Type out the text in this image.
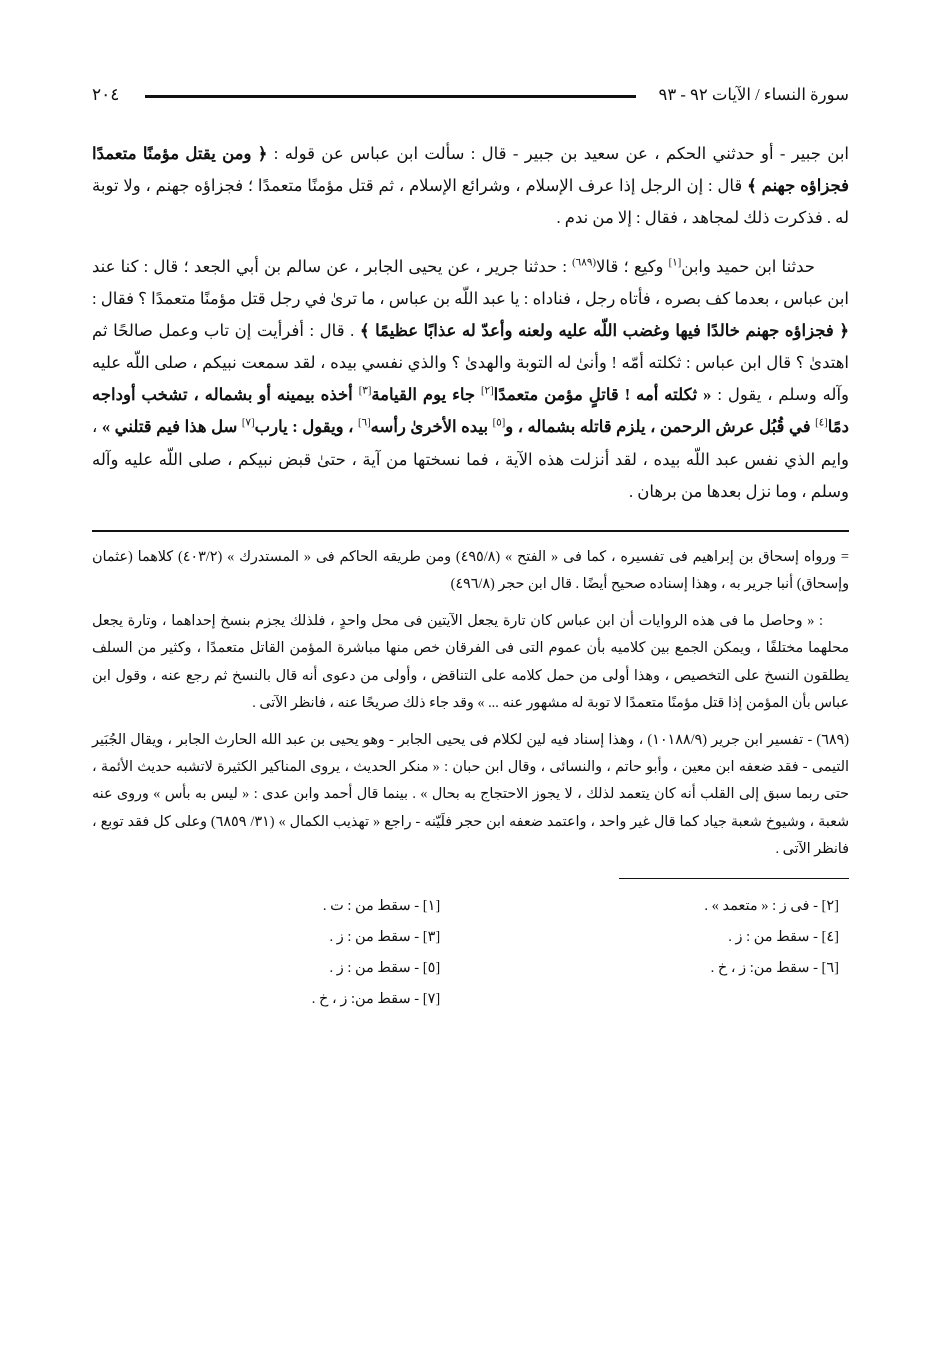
سورة النساء / الآيات ٩٢ - ٩٣
٢٠٤

ابن جبير - أو حدثني الحكم ، عن سعيد بن جبير - قال : سألت ابن عباس عن قوله : ﴿ ومن يقتل مؤمنًا متعمدًا فجزاؤه جهنم ﴾ قال : إن الرجل إذا عرف الإسلام ، وشرائع الإسلام ، ثم قتل مؤمنًا متعمدًا ؛ فجزاؤه جهنم ، ولا توبة له . فذكرت ذلك لمجاهد ، فقال : إلا من ندم .

حدثنا ابن حميد وابن[١] وكيع ؛ قالا$^{(٦٨٩)}$ : حدثنا جرير ، عن يحيى الجابر ، عن سالم بن أبي الجعد ؛ قال : كنا عند ابن عباس ، بعدما كف بصره ، فأتاه رجل ، فناداه : يا عبد اللّه بن عباس ، ما ترىٰ في رجل قتل مؤمنًا متعمدًا ؟ فقال : ﴿ فجزاؤه جهنم خالدًا فيها وغضب اللّه عليه ولعنه وأعدّ له عذابًا عظيمًا ﴾ . قال : أفرأيت إن تاب وعمل صالحًا ثم اهتدىٰ ؟ قال ابن عباس : ثكلته أمّه ! وأنىٰ له التوبة والهدىٰ ؟ والذي نفسي بيده ، لقد سمعت نبيكم ، صلى اللّه عليه وآله وسلم ، يقول : « ثكلته أمه ! قاتلٍ مؤمن متعمدًا[٢] جاء يوم القيامة[٣] أخذه بيمينه أو بشماله ، تشخب أوداجه دمًا[٤] في قُبُل عرش الرحمن ، يلزم قاتله بشماله ، و[٥] بيده الأخرىٰ رأسه[٦] ، ويقول : يارب[٧] سل هذا فيم قتلني » ، وايم الذي نفس عبد اللّه بيده ، لقد أنزلت هذه الآية ، فما نسختها من آية ، حتىٰ قبض نبيكم ، صلى اللّه عليه وآله وسلم ، وما نزل بعدها من برهان .

= ورواه إسحاق بن إبراهيم فى تفسيره ، كما فى « الفتح » (٤٩٥/٨) ومن طريقه الحاكم فى « المستدرك » (٤٠٣/٢) كلاهما (عثمان وإسحاق) أنبا جرير به ، وهذا إسناده صحيح أيضًا . قال ابن حجر (٤٩٦/٨)

: « وحاصل ما فى هذه الروايات أن ابن عباس كان تارة يجعل الآيتين فى محل واحدٍ ، فلذلك يجزم بنسخ إحداهما ، وتارة يجعل محلهما مختلفًا ، ويمكن الجمع بين كلاميه بأن عموم التى فى الفرقان خص منها مباشرة المؤمن القاتل متعمدًا ، وكثير من السلف يطلقون النسخ على التخصيص ، وهذا أولى من حمل كلامه على التناقض ، وأولى من دعوى أنه قال بالنسخ ثم رجع عنه ، وقول ابن عباس بأن المؤمن إذا قتل مؤمنًا متعمدًا لا توبة له مشهور عنه ... » وقد جاء ذلك صريحًا عنه ، فانظر الآتى .

(٦٨٩) - تفسير ابن جرير (١٠١٨٨/٩) ، وهذا إسناد فيه لين لكلام فى يحيى الجابر - وهو يحيى بن عبد الله الحارث الجابر ، ويقال الجُبَير التيمى - فقد ضعفه ابن معين ، وأبو حاتم ، والنسائى ، وقال ابن حبان : « منكر الحديث ، يروى المناكير الكثيرة لاتشبه حديث الأئمة ، حتى ربما سبق إلى القلب أنه كان يتعمد لذلك ، لا يجوز الاحتجاج به بحال » . بينما قال أحمد وابن عدى : « ليس به بأس » وروى عنه شعبة ، وشيوخ شعبة جياد كما قال غير واحد ، واعتمد ضعفه ابن حجر فلَيّنه - راجع « تهذيب الكمال » (٣١/ ٦٨٥٩) وعلى كل فقد توبع ، فانظر الآتى .

[٢] - فى ز : « متعمد » .
[٤] - سقط من : ز .
[٦] - سقط من: ز ، خ .
[١] - سقط من : ت .
[٣] - سقط من : ز .
[٥] - سقط من : ز .
[٧] - سقط من: ز ، خ .
